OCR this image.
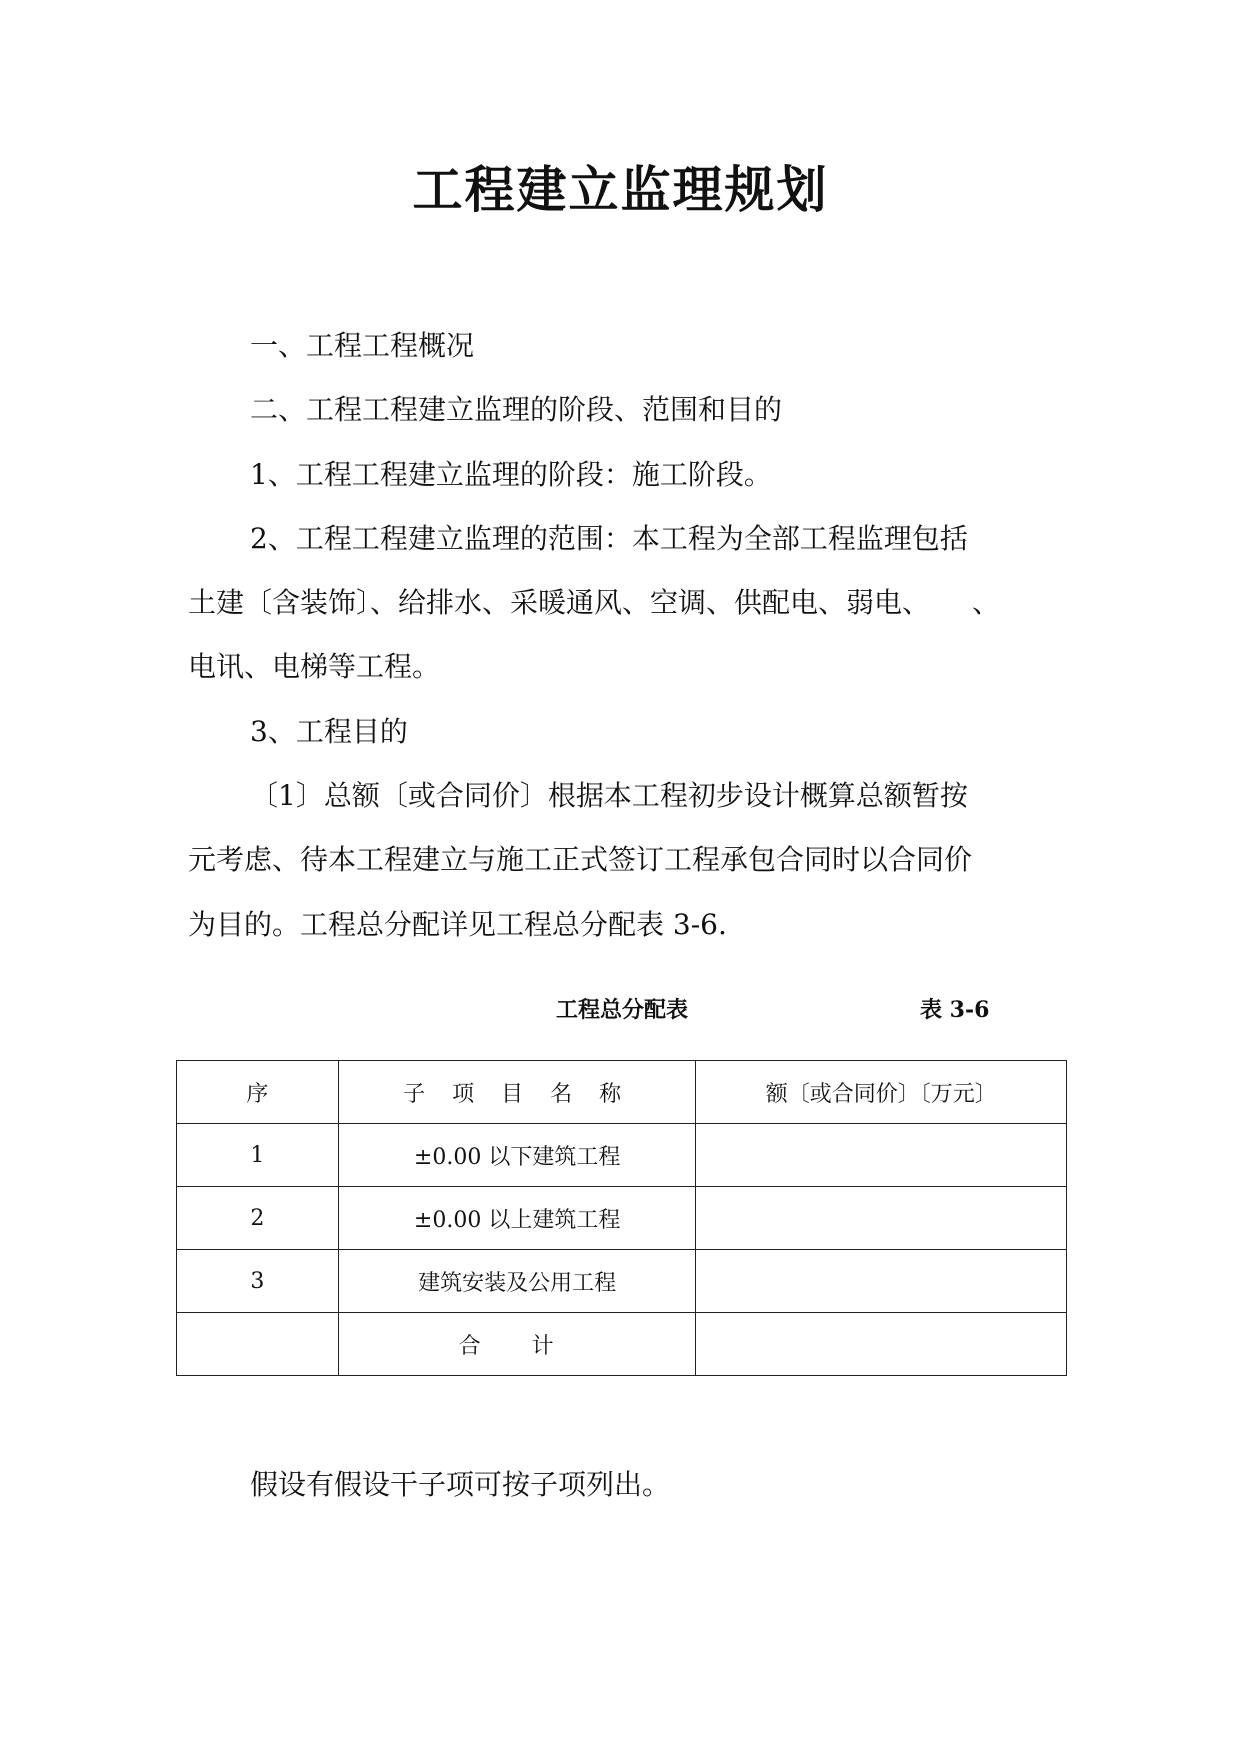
工程建立监理规划
一、工程工程概况
二、工程工程建立监理的阶段、范围和目的
1、工程工程建立监理的阶段：施工阶段。
2、工程工程建立监理的范围：本工程为全部工程监理包括
土建〔含装饰〕、给排水、采暖通风、空调、供配电、弱电、　　、
电讯、电梯等工程。
3、工程目的
〔1〕总额〔或合同价〕根据本工程初步设计概算总额暂按
元考虑、待本工程建立与施工正式签订工程承包合同时以合同价
为目的。工程总分配详见工程总分配表 3-6.
工程总分配表	表 3-6
序	子 项 目 名 称	额〔或合同价〕〔万元〕
1	±0.00 以下建筑工程	
2	±0.00 以上建筑工程	
3	建筑安装及公用工程	
	合 计	
假设有假设干子项可按子项列出。
